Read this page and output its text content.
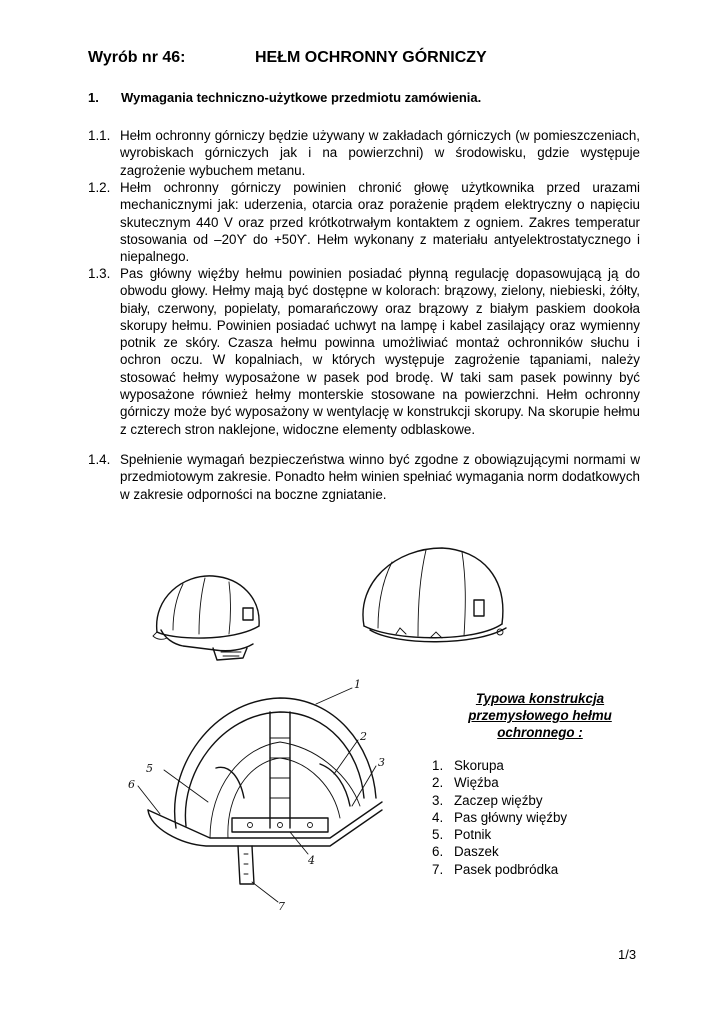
Wyrób nr 46:	HEŁM OCHRONNY GÓRNICZY
1. Wymagania techniczno-użytkowe przedmiotu zamówienia.
1.1. Hełm ochronny górniczy będzie używany w zakładach górniczych (w pomieszczeniach, wyrobiskach górniczych jak i na powierzchni) w środowisku, gdzie występuje zagrożenie wybuchem metanu.
1.2. Hełm ochronny górniczy powinien chronić głowę użytkownika przed urazami mechanicznymi jak: uderzenia, otarcia oraz porażenie prądem elektryczny o napięciu skutecznym 440 V oraz przed krótkotrwałym kontaktem z ogniem. Zakres temperatur stosowania od –20ϒ do +50ϒ. Hełm wykonany z materiału antyelektrostatycznego i niepalnego.
1.3. Pas główny więźby hełmu powinien posiadać płynną regulację dopasowującą ją do obwodu głowy. Hełmy mają być dostępne w kolorach: brązowy, zielony, niebieski, żółty, biały, czerwony, popielaty, pomarańczowy oraz brązowy z białym paskiem dookoła skorupy hełmu. Powinien posiadać uchwyt na lampę i kabel zasilający oraz wymienny potnik ze skóry. Czasza hełmu powinna umożliwiać montaż ochronników słuchu i ochron oczu. W kopalniach, w których występuje zagrożenie tąpaniami, należy stosować hełmy wyposażone w pasek pod brodę. W taki sam pasek powinny być wyposażone również hełmy monterskie stosowane na powierzchni. Hełm ochronny górniczy może być wyposażony w wentylację w konstrukcji skorupy. Na skorupie hełmu z czterech stron naklejone, widoczne elementy odblaskowe.
1.4. Spełnienie wymagań bezpieczeństwa winno być zgodne z obowiązującymi normami w przedmiotowym zakresie. Ponadto hełm winien spełniać wymagania norm dodatkowych w zakresie odporności na boczne zgniatanie.
1
2
3
4
5
6
7
Typowa konstrukcja przemysłowego hełmu ochronnego :
1. Skorupa
2. Więźba
3. Zaczep więźby
4. Pas główny więźby
5. Potnik
6. Daszek
7. Pasek podbródka
1/3
